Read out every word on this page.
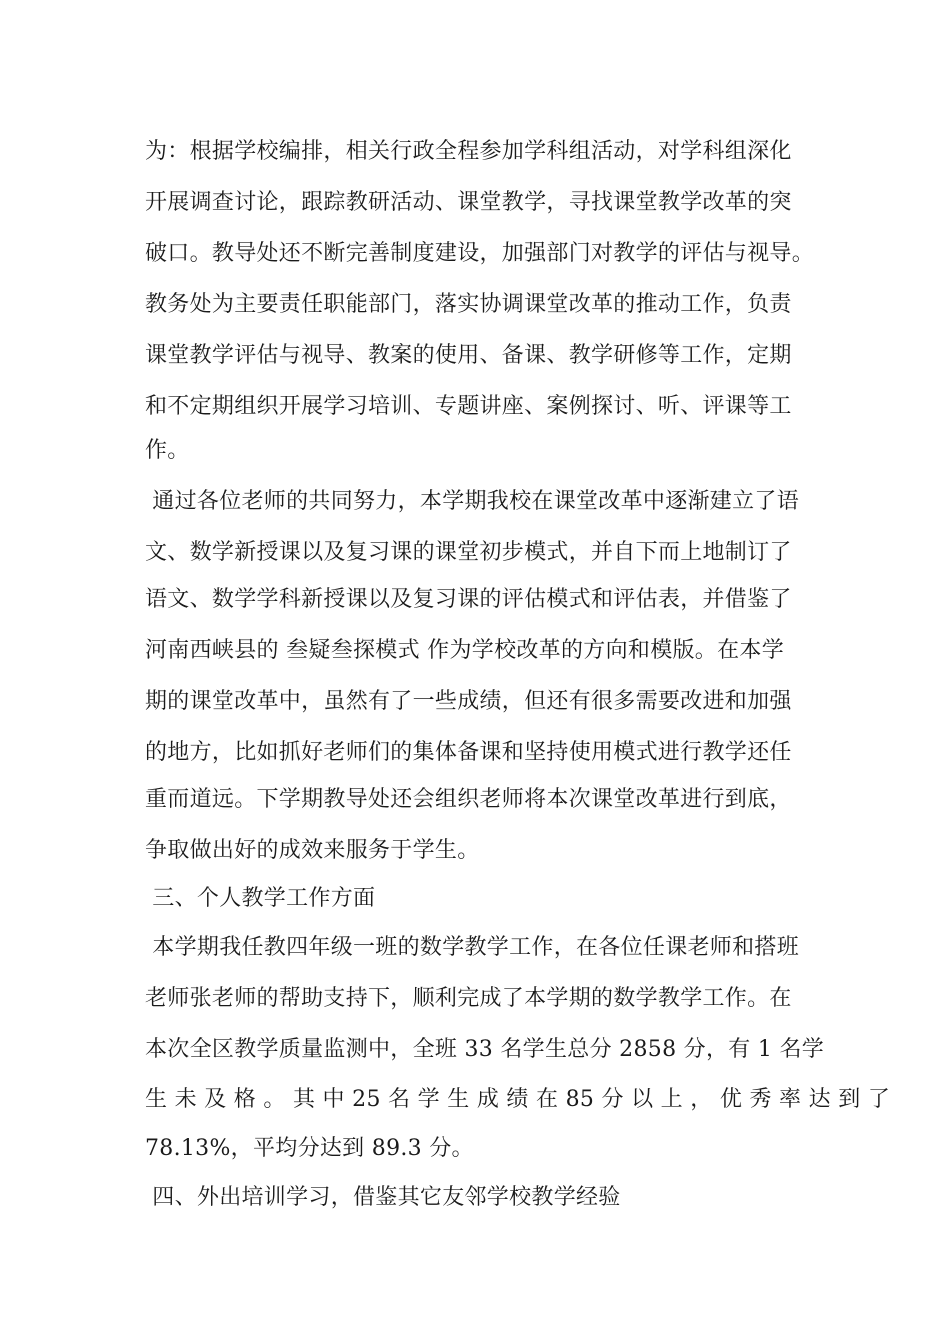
为：根据学校编排，相关行政全程参加学科组活动，对学科组深化
开展调查讨论，跟踪教研活动、课堂教学，寻找课堂教学改革的突
破口。教导处还不断完善制度建设，加强部门对教学的评估与视导。
教务处为主要责任职能部门，落实协调课堂改革的推动工作，负责
课堂教学评估与视导、教案的使用、备课、教学研修等工作，定期
和不定期组织开展学习培训、专题讲座、案例探讨、听、评课等工
作。
通过各位老师的共同努力，本学期我校在课堂改革中逐渐建立了语
文、数学新授课以及复习课的课堂初步模式，并自下而上地制订了
语文、数学学科新授课以及复习课的评估模式和评估表，并借鉴了
河南西峡县的 叁疑叁探模式 作为学校改革的方向和模版。在本学
期的课堂改革中，虽然有了一些成绩，但还有很多需要改进和加强
的地方，比如抓好老师们的集体备课和坚持使用模式进行教学还任
重而道远。下学期教导处还会组织老师将本次课堂改革进行到底，
争取做出好的成效来服务于学生。
三、个人教学工作方面
本学期我任教四年级一班的数学教学工作，在各位任课老师和搭班
老师张老师的帮助支持下，顺利完成了本学期的数学教学工作。在
本次全区教学质量监测中，全班 33 名学生总分 2858 分，有 1 名学
生 未 及 格 。 其 中 25 名 学 生 成 绩 在 85 分 以 上 ， 优 秀 率 达 到 了
78.13%，平均分达到 89.3 分。
四、外出培训学习，借鉴其它友邻学校教学经验
